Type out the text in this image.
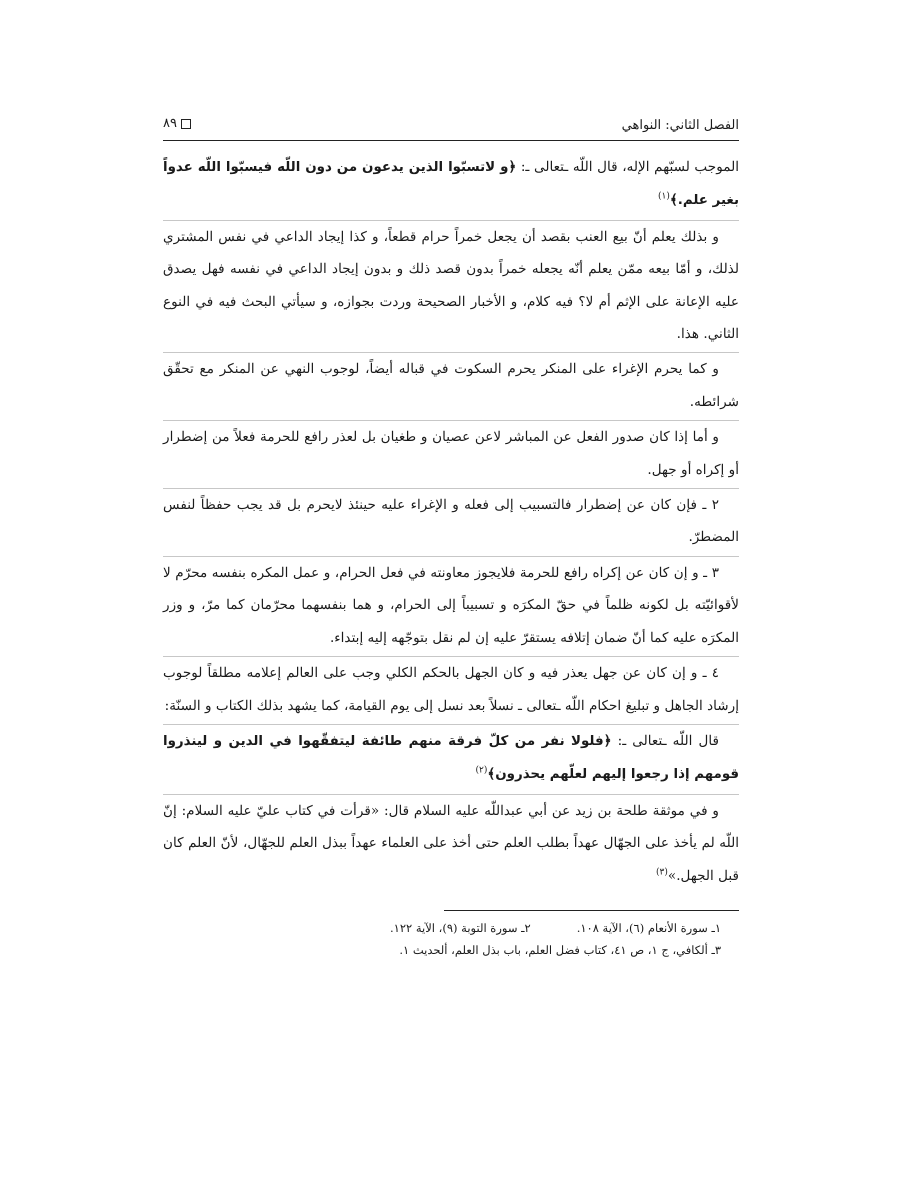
الفصل الثاني: النواهي
٨٩

الموجب لسبّهم الإله، قال اللّه ـتعالى ـ: ﴿و لاتسبّوا الذين يدعون من دون اللّه فيسبّوا اللّه عدواً بغير علم.﴾$^{(١)}$

و بذلك يعلم أنّ بيع العنب بقصد أن يجعل خمراً حرام قطعاً، و كذا إيجاد الداعي في نفس المشتري لذلك، و أمّا بيعه ممّن يعلم أنّه يجعله خمراً بدون قصد ذلك و بدون إيجاد الداعي في نفسه فهل يصدق عليه الإعانة على الإثم أم لا؟ فيه كلام، و الأخبار الصحيحة وردت بجوازه، و سيأتي البحث فيه في النوع الثاني. هذا.

و كما يحرم الإغراء على المنكر يحرم السكوت في قباله أيضاً، لوجوب النهي عن المنكر مع تحقّق شرائطه.

و أما إذا كان صدور الفعل عن المباشر لاعن عصيان و طغيان بل لعذر رافع للحرمة فعلاً من إضطرار أو إكراه أو جهل.

٢ ـ فإن كان عن إضطرار فالتسبيب إلى فعله و الإغراء عليه حينئذ لايحرم بل قد يجب حفظاً لنفس المضطرّ.

٣ ـ و إن كان عن إكراه رافع للحرمة فلايجوز معاونته في فعل الحرام، و عمل المكره بنفسه محرّم لا لأقوائيّته بل لكونه ظلماً في حقّ المكرَه و تسبيباً إلى الحرام، و هما بنفسهما محرّمان كما مرّ، و وزر المكرَه عليه كما أنّ ضمان إتلافه يستقرّ عليه إن لم نقل بتوجّهه إليه إبتداء.

٤ ـ و إن كان عن جهل يعذر فيه و كان الجهل بالحكم الكلي وجب على العالم إعلامه مطلقاً لوجوب إرشاد الجاهل و تبليغ احكام اللّه ـتعالى ـ نسلاً بعد نسل إلى يوم القيامة، كما يشهد بذلك الكتاب و السنّة:

قال اللّه ـتعالى ـ: ﴿فلولا نفر من كلّ فرقة منهم طائفة ليتفقّهوا في الدين و لينذروا قومهم إذا رجعوا إليهم لعلّهم يحذرون﴾$^{(٢)}$

و في موثقة طلحة بن زيد عن أبي عبداللّه عليه السلام قال: «قرأت في كتاب عليّ عليه السلام: إنّ اللّه لم يأخذ على الجهّال عهداً بطلب العلم حتى أخذ على العلماء عهداً ببذل العلم للجهّال، لأنّ العلم كان قبل الجهل.»$^{(٣)}$

١ـ سورة الأنعام (٦)، الآية ١٠٨.
٢ـ سورة التوبة (٩)، الآية ١٢٢.
٣ـ ألكافي، ج ١، ص ٤١، كتاب فضل العلم، باب بذل العلم، ألحديث ١.
